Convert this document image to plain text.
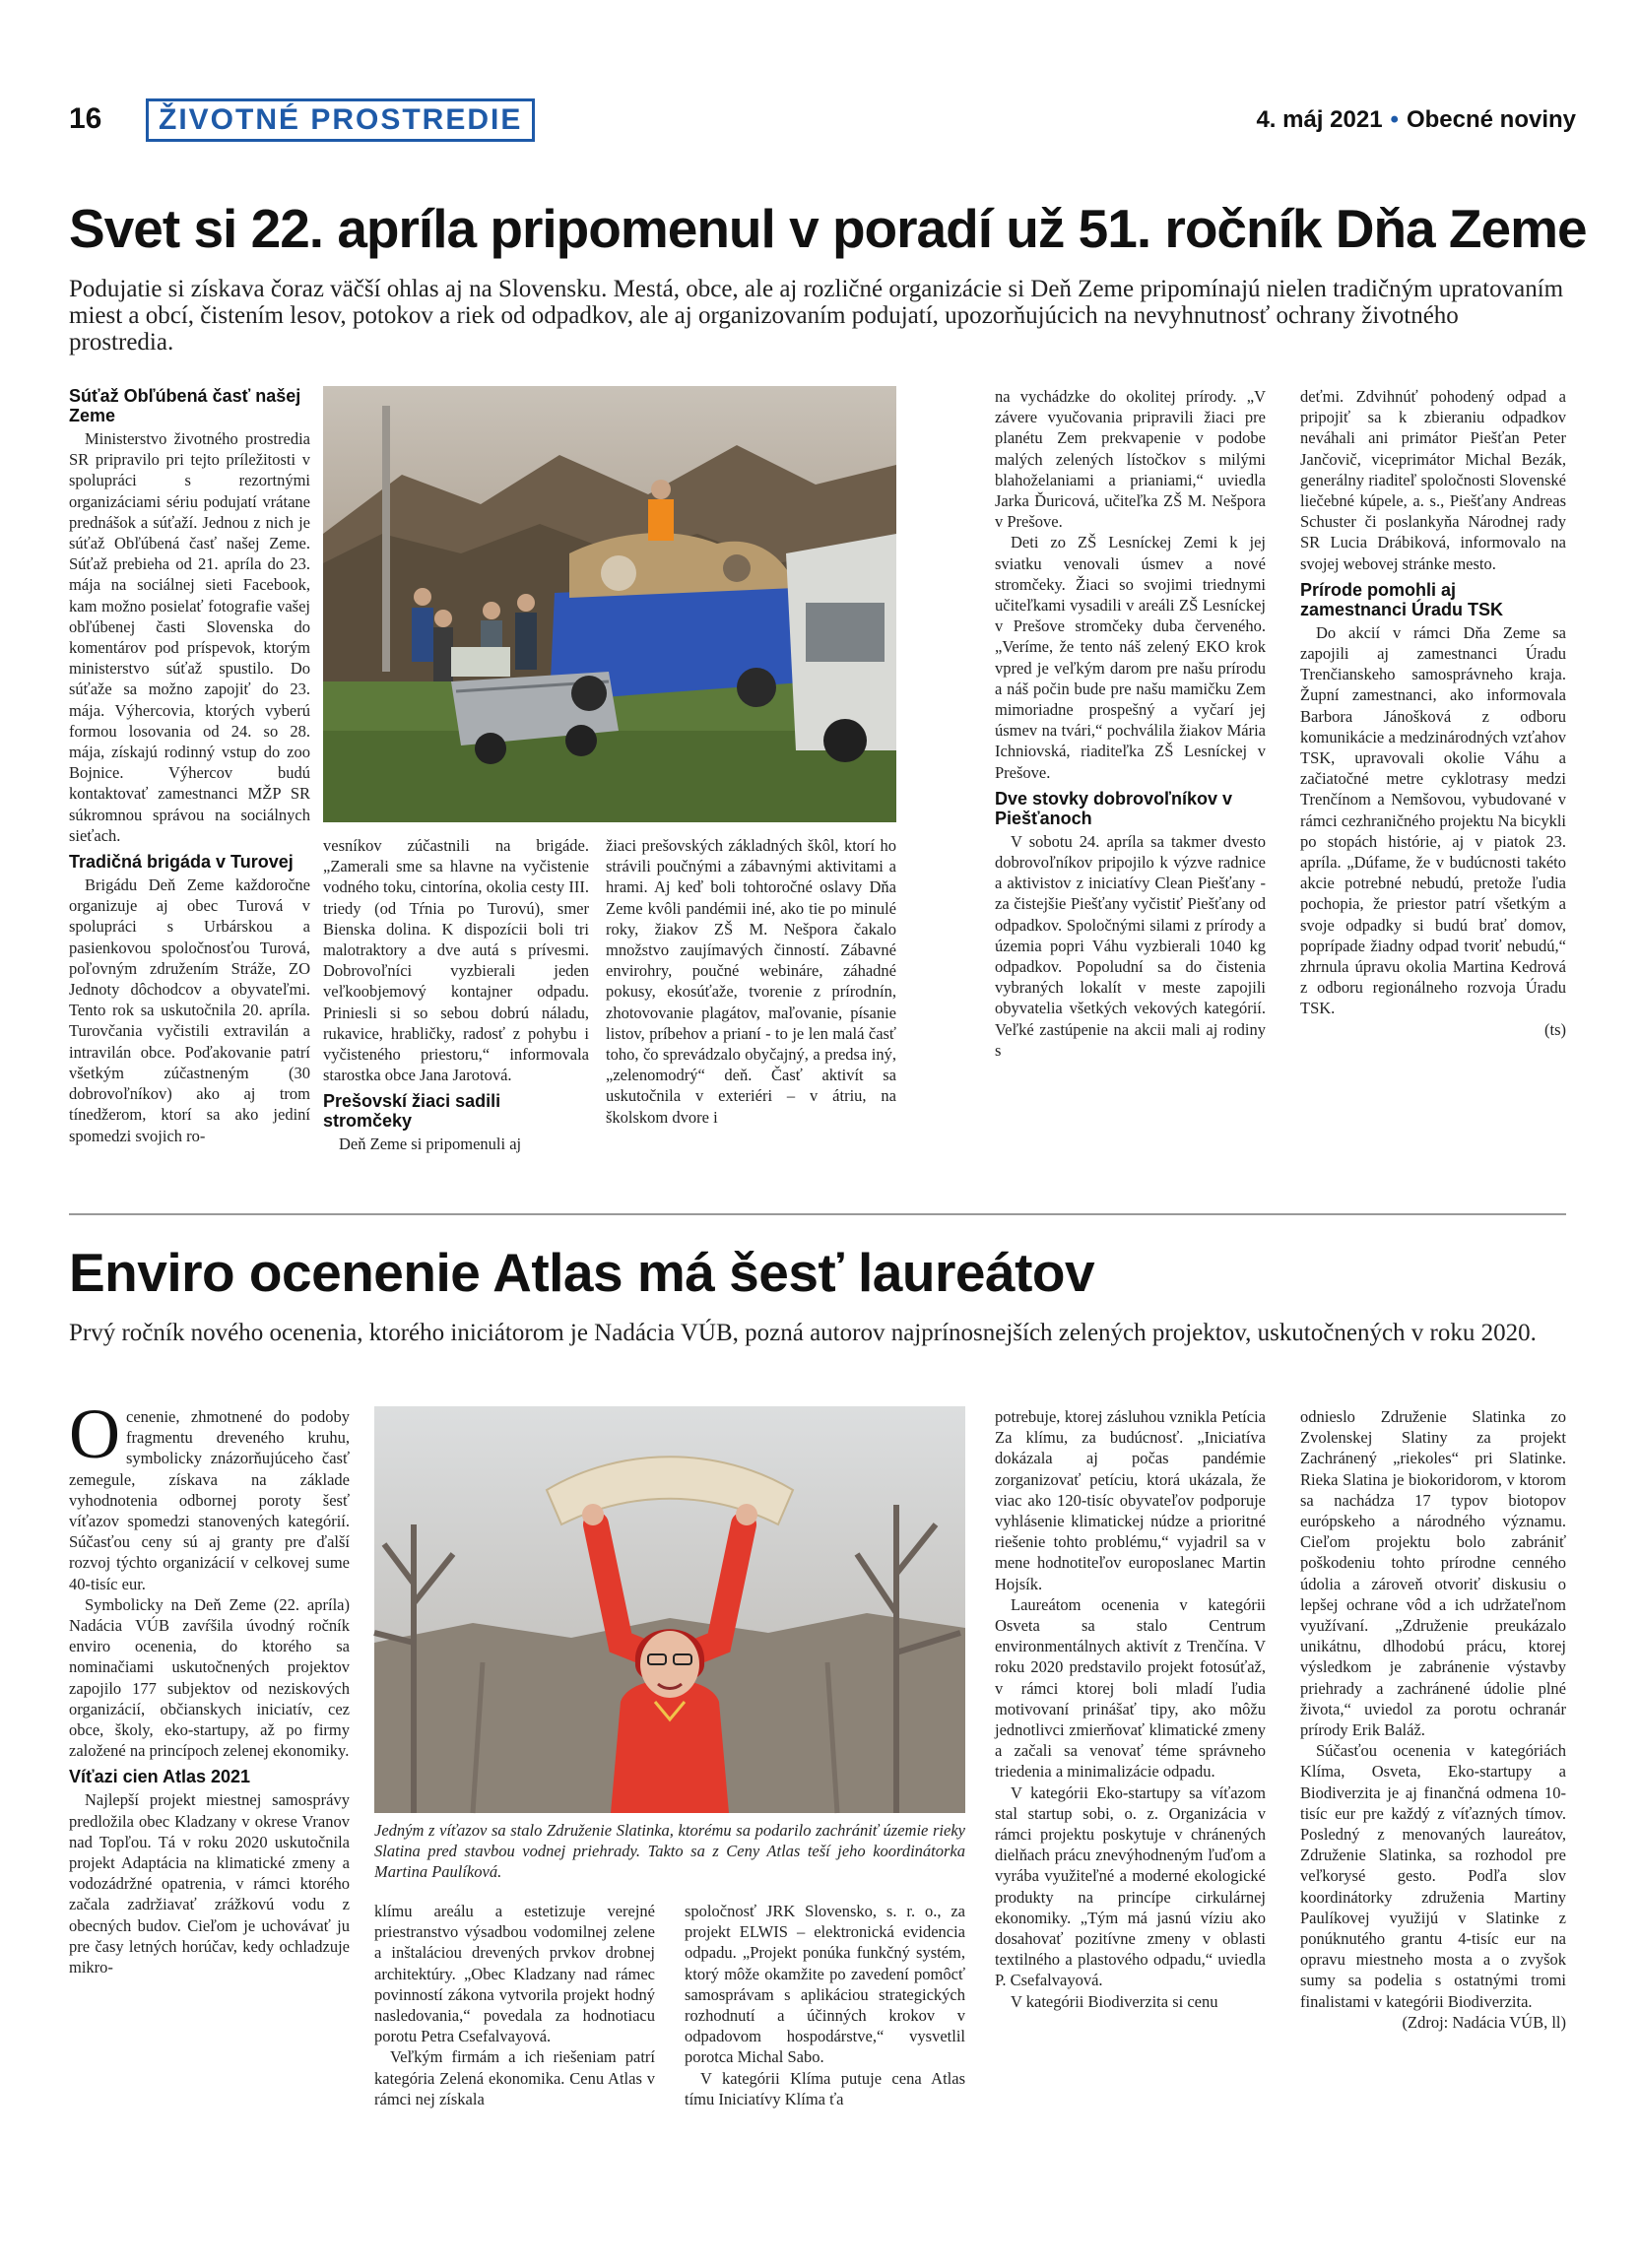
16	ŽIVOTNÉ PROSTREDIE	4. máj 2021 • Obecné noviny
Svet si 22. apríla pripomenul v poradí už 51. ročník Dňa Zeme
Podujatie si získava čoraz väčší ohlas aj na Slovensku. Mestá, obce, ale aj rozličné organizácie si Deň Zeme pripomínajú nielen tradičným upratovaním miest a obcí, čistením lesov, potokov a riek od odpadkov, ale aj organizovaním podujatí, upozorňujúcich na nevyhnutnosť ochrany životného prostredia.
Súťaž Obľúbená časť našej Zeme

Ministerstvo životného prostredia SR pripravilo pri tejto príležitosti v spolupráci s rezortnými organizáciami sériu podujatí vrátane prednášok a súťaží. Jednou z nich je súťaž Obľúbená časť našej Zeme. Súťaž prebieha od 21. apríla do 23. mája na sociálnej sieti Facebook, kam možno posielať fotografie vašej obľúbenej časti Slovenska do komentárov pod príspevok, ktorým ministerstvo súťaž spustilo. Do súťaže sa možno zapojiť do 23. mája. Výhercovia, ktorých vyberú formou losovania od 24. so 28. mája, získajú rodinný vstup do zoo Bojnice. Výhercov budú kontaktovať zamestnanci MŽP SR súkromnou správou na sociálnych sieťach.

Tradičná brigáda v Turovej

Brigádu Deň Zeme každoročne organizuje aj obec Turová v spolupráci s Urbárskou a pasienkovou spoločnosťou Turová, poľovným združením Stráže, ZO Jednoty dôchodcov a obyvateľmi. Tento rok sa uskutočnila 20. apríla. Turovčania vyčistili extravilán a intravilán obce. Poďakovanie patrí všetkým zúčastneným (30 dobrovoľníkov) ako aj trom tínedžerom, ktorí sa ako jediní spomedzi svojich ro-

vesníkov zúčastnili na brigáde. „Zamerali sme sa hlavne na vyčistenie vodného toku, cintorína, okolia cesty III. triedy (od Tŕnia po Turovú), smer Bienska dolina. K dispozícii boli tri malotraktory a dve autá s prívesmi. Dobrovoľníci vyzbierali jeden veľkoobjemový kontajner odpadu. Priniesli si so sebou dobrú náladu, rukavice, hrabličky, radosť z pohybu i vyčisteného priestoru,“ informovala starostka obce Jana Jarotová.

Prešovskí žiaci sadili stromčeky

Deň Zeme si pripomenuli aj

žiaci prešovských základných škôl, ktorí ho strávili poučnými a zábavnými aktivitami a hrami. Aj keď boli tohtoročné oslavy Dňa Zeme kvôli pandémii iné, ako tie po minulé roky, žiakov ZŠ M. Nešpora čakalo množstvo zaujímavých činností. Zábavné envirohry, poučné webináre, záhadné pokusy, ekosúťaže, tvorenie z prírodnín, zhotovovanie plagátov, maľovanie, písanie listov, príbehov a prianí - to je len malá časť toho, čo sprevádzalo obyčajný, a predsa iný, „zelenomodrý“ deň. Časť aktivít sa uskutočnila v exteriéri – v átriu, na školskom dvore i

na vychádzke do okolitej prírody. „V závere vyučovania pripravili žiaci pre planétu Zem prekvapenie v podobe malých zelených lístočkov s milými blahoželaniami a prianiami,“ uviedla Jarka Ďuricová, učiteľka ZŠ M. Nešpora v Prešove.

Deti zo ZŠ Lesníckej Zemi k jej sviatku venovali úsmev a nové stromčeky. Žiaci so svojimi triednymi učiteľkami vysadili v areáli ZŠ Lesníckej v Prešove stromčeky duba červeného. „Veríme, že tento náš zelený EKO krok vpred je veľkým darom pre našu prírodu a náš počin bude pre našu mamičku Zem mimoriadne prospešný a vyčarí jej úsmev na tvári,“ pochválila žiakov Mária Ichniovská, riaditeľka ZŠ Lesníckej v Prešove.

Dve stovky dobrovoľníkov v Piešťanoch

V sobotu 24. apríla sa takmer dvesto dobrovoľníkov pripojilo k výzve radnice a aktivistov z iniciatívy Clean Piešťany - za čistejšie Piešťany vyčistiť Piešťany od odpadkov. Spoločnými silami z prírody a územia popri Váhu vyzbierali 1040 kg odpadkov. Popoludní sa do čistenia vybraných lokalít v meste zapojili obyvatelia všetkých vekových kategórií. Veľké zastúpenie na akcii mali aj rodiny s

deťmi. Zdvihnúť pohodený odpad a pripojiť sa k zbieraniu odpadkov neváhali ani primátor Piešťan Peter Jančovič, viceprimátor Michal Bezák, generálny riaditeľ spoločnosti Slovenské liečebné kúpele, a. s., Piešťany Andreas Schuster či poslankyňa Národnej rady SR Lucia Drábiková, informovalo na svojej webovej stránke mesto.

Prírode pomohli aj zamestnanci Úradu TSK

Do akcií v rámci Dňa Zeme sa zapojili aj zamestnanci Úradu Trenčianskeho samosprávneho kraja. Župní zamestnanci, ako informovala Barbora Jánošková z odboru komunikácie a medzinárodných vzťahov TSK, upravovali okolie Váhu a začiatočné metre cyklotrasy medzi Trenčínom a Nemšovou, vybudované v rámci cezhraničného projektu Na bicykli po stopách histórie, aj v piatok 23. apríla. „Dúfame, že v budúcnosti takéto akcie potrebné nebudú, pretože ľudia pochopia, že priestor patrí všetkým a svoje odpadky si budú brať domov, poprípade žiadny odpad tvoriť nebudú,“ zhrnula úpravu okolia Martina Kedrová z odboru regionálneho rozvoja Úradu TSK.

(ts)

Enviro ocenenie Atlas má šesť laureátov
Prvý ročník nového ocenenia, ktorého iniciátorom je Nadácia VÚB, pozná autorov najprínosnejších zelených projektov, uskutočnených v roku 2020.

Ocenenie, zhmotnené do podoby fragmentu dreveného kruhu, symbolicky znázorňujúceho časť zemegule, získava na základe vyhodnotenia odbornej poroty šesť víťazov spomedzi stanovených kategórií. Súčasťou ceny sú aj granty pre ďalší rozvoj týchto organizácií v celkovej sume 40-tisíc eur.

Symbolicky na Deň Zeme (22. apríla) Nadácia VÚB zavŕšila úvodný ročník enviro ocenenia, do ktorého sa nominačiami uskutočnených projektov zapojilo 177 subjektov od neziskových organizácií, občianskych iniciatív, cez obce, školy, eko-startupy, až po firmy založené na princípoch zelenej ekonomiky.

Víťazi cien Atlas 2021

Najlepší projekt miestnej samosprávy predložila obec Kladzany v okrese Vranov nad Topľou. Tá v roku 2020 uskutočnila projekt Adaptácia na klimatické zmeny a vodozádržné opatrenia, v rámci ktorého začala zadržiavať zrážkovú vodu z obecných budov. Cieľom je uchovávať ju pre časy letných horúčav, kedy ochladzuje mikro-

Jedným z víťazov sa stalo Združenie Slatinka, ktorému sa podarilo zachrániť územie rieky Slatina pred stavbou vodnej priehrady. Takto sa z Ceny Atlas teší jeho koordinátorka Martina Paulíková.

klímu areálu a estetizuje verejné priestranstvo výsadbou vodomilnej zelene a inštaláciou drevených prvkov drobnej architektúry. „Obec Kladzany nad rámec povinností zákona vytvorila projekt hodný nasledovania,“ povedala za hodnotiacu porotu Petra Csefalvayová.

Veľkým firmám a ich riešeniam patrí kategória Zelená ekonomika. Cenu Atlas v rámci nej získala

spoločnosť JRK Slovensko, s. r. o., za projekt ELWIS – elektronická evidencia odpadu. „Projekt ponúka funkčný systém, ktorý môže okamžite po zavedení pomôcť samosprávam s aplikáciou strategických rozhodnutí a účinných krokov v odpadovom hospodárstve,“ vysvetlil porotca Michal Sabo.

V kategórii Klíma putuje cena Atlas tímu Iniciatívy Klíma ťa

potrebuje, ktorej zásluhou vznikla Petícia Za klímu, za budúcnosť. „Iniciatíva dokázala aj počas pandémie zorganizovať petíciu, ktorá ukázala, že viac ako 120-tisíc obyvateľov podporuje vyhlásenie klimatickej núdze a prioritné riešenie tohto problému,“ vyjadril sa v mene hodnotiteľov europoslanec Martin Hojsík.

Laureátom ocenenia v kategórii Osveta sa stalo Centrum environmentálnych aktivít z Trenčína. V roku 2020 predstavilo projekt fotosúťaž, v rámci ktorej boli mladí ľudia motivovaní prinášať tipy, ako môžu jednotlivci zmierňovať klimatické zmeny a začali sa venovať téme správneho triedenia a minimalizácie odpadu.

V kategórii Eko-startupy sa víťazom stal startup sobi, o. z. Organizácia v rámci projektu poskytuje v chránených dielňach prácu znevýhodneným ľuďom a vyrába využiteľné a moderné ekologické produkty na princípe cirkulárnej ekonomiky. „Tým má jasnú víziu ako dosahovať pozitívne zmeny v oblasti textilného a plastového odpadu,“ uviedla P. Csefalvayová.

V kategórii Biodiverzita si cenu

odnieslo Združenie Slatinka zo Zvolenskej Slatiny za projekt Zachránený „riekoles“ pri Slatinke. Rieka Slatina je biokoridorom, v ktorom sa nachádza 17 typov biotopov európskeho a národného významu. Cieľom projektu bolo zabrániť poškodeniu tohto prírodne cenného údolia a zároveň otvoriť diskusiu o lepšej ochrane vôd a ich udržateľnom využívaní. „Združenie preukázalo unikátnu, dlhodobú prácu, ktorej výsledkom je zabránenie výstavby priehrady a zachránené údolie plné života,“ uviedol za porotu ochranár prírody Erik Baláž.

Súčasťou ocenenia v kategóriách Klíma, Osveta, Eko-startupy a Biodiverzita je aj finančná odmena 10-tisíc eur pre každý z víťazných tímov. Posledný z menovaných laureátov, Združenie Slatinka, sa rozhodol pre veľkorysé gesto. Podľa slov koordinátorky združenia Martiny Paulíkovej využijú v Slatinke z ponúknutého grantu 4-tisíc eur na opravu miestneho mosta a o zvyšok sumy sa podelia s ostatnými tromi finalistami v kategórii Biodiverzita.

(Zdroj: Nadácia VÚB, ll)
